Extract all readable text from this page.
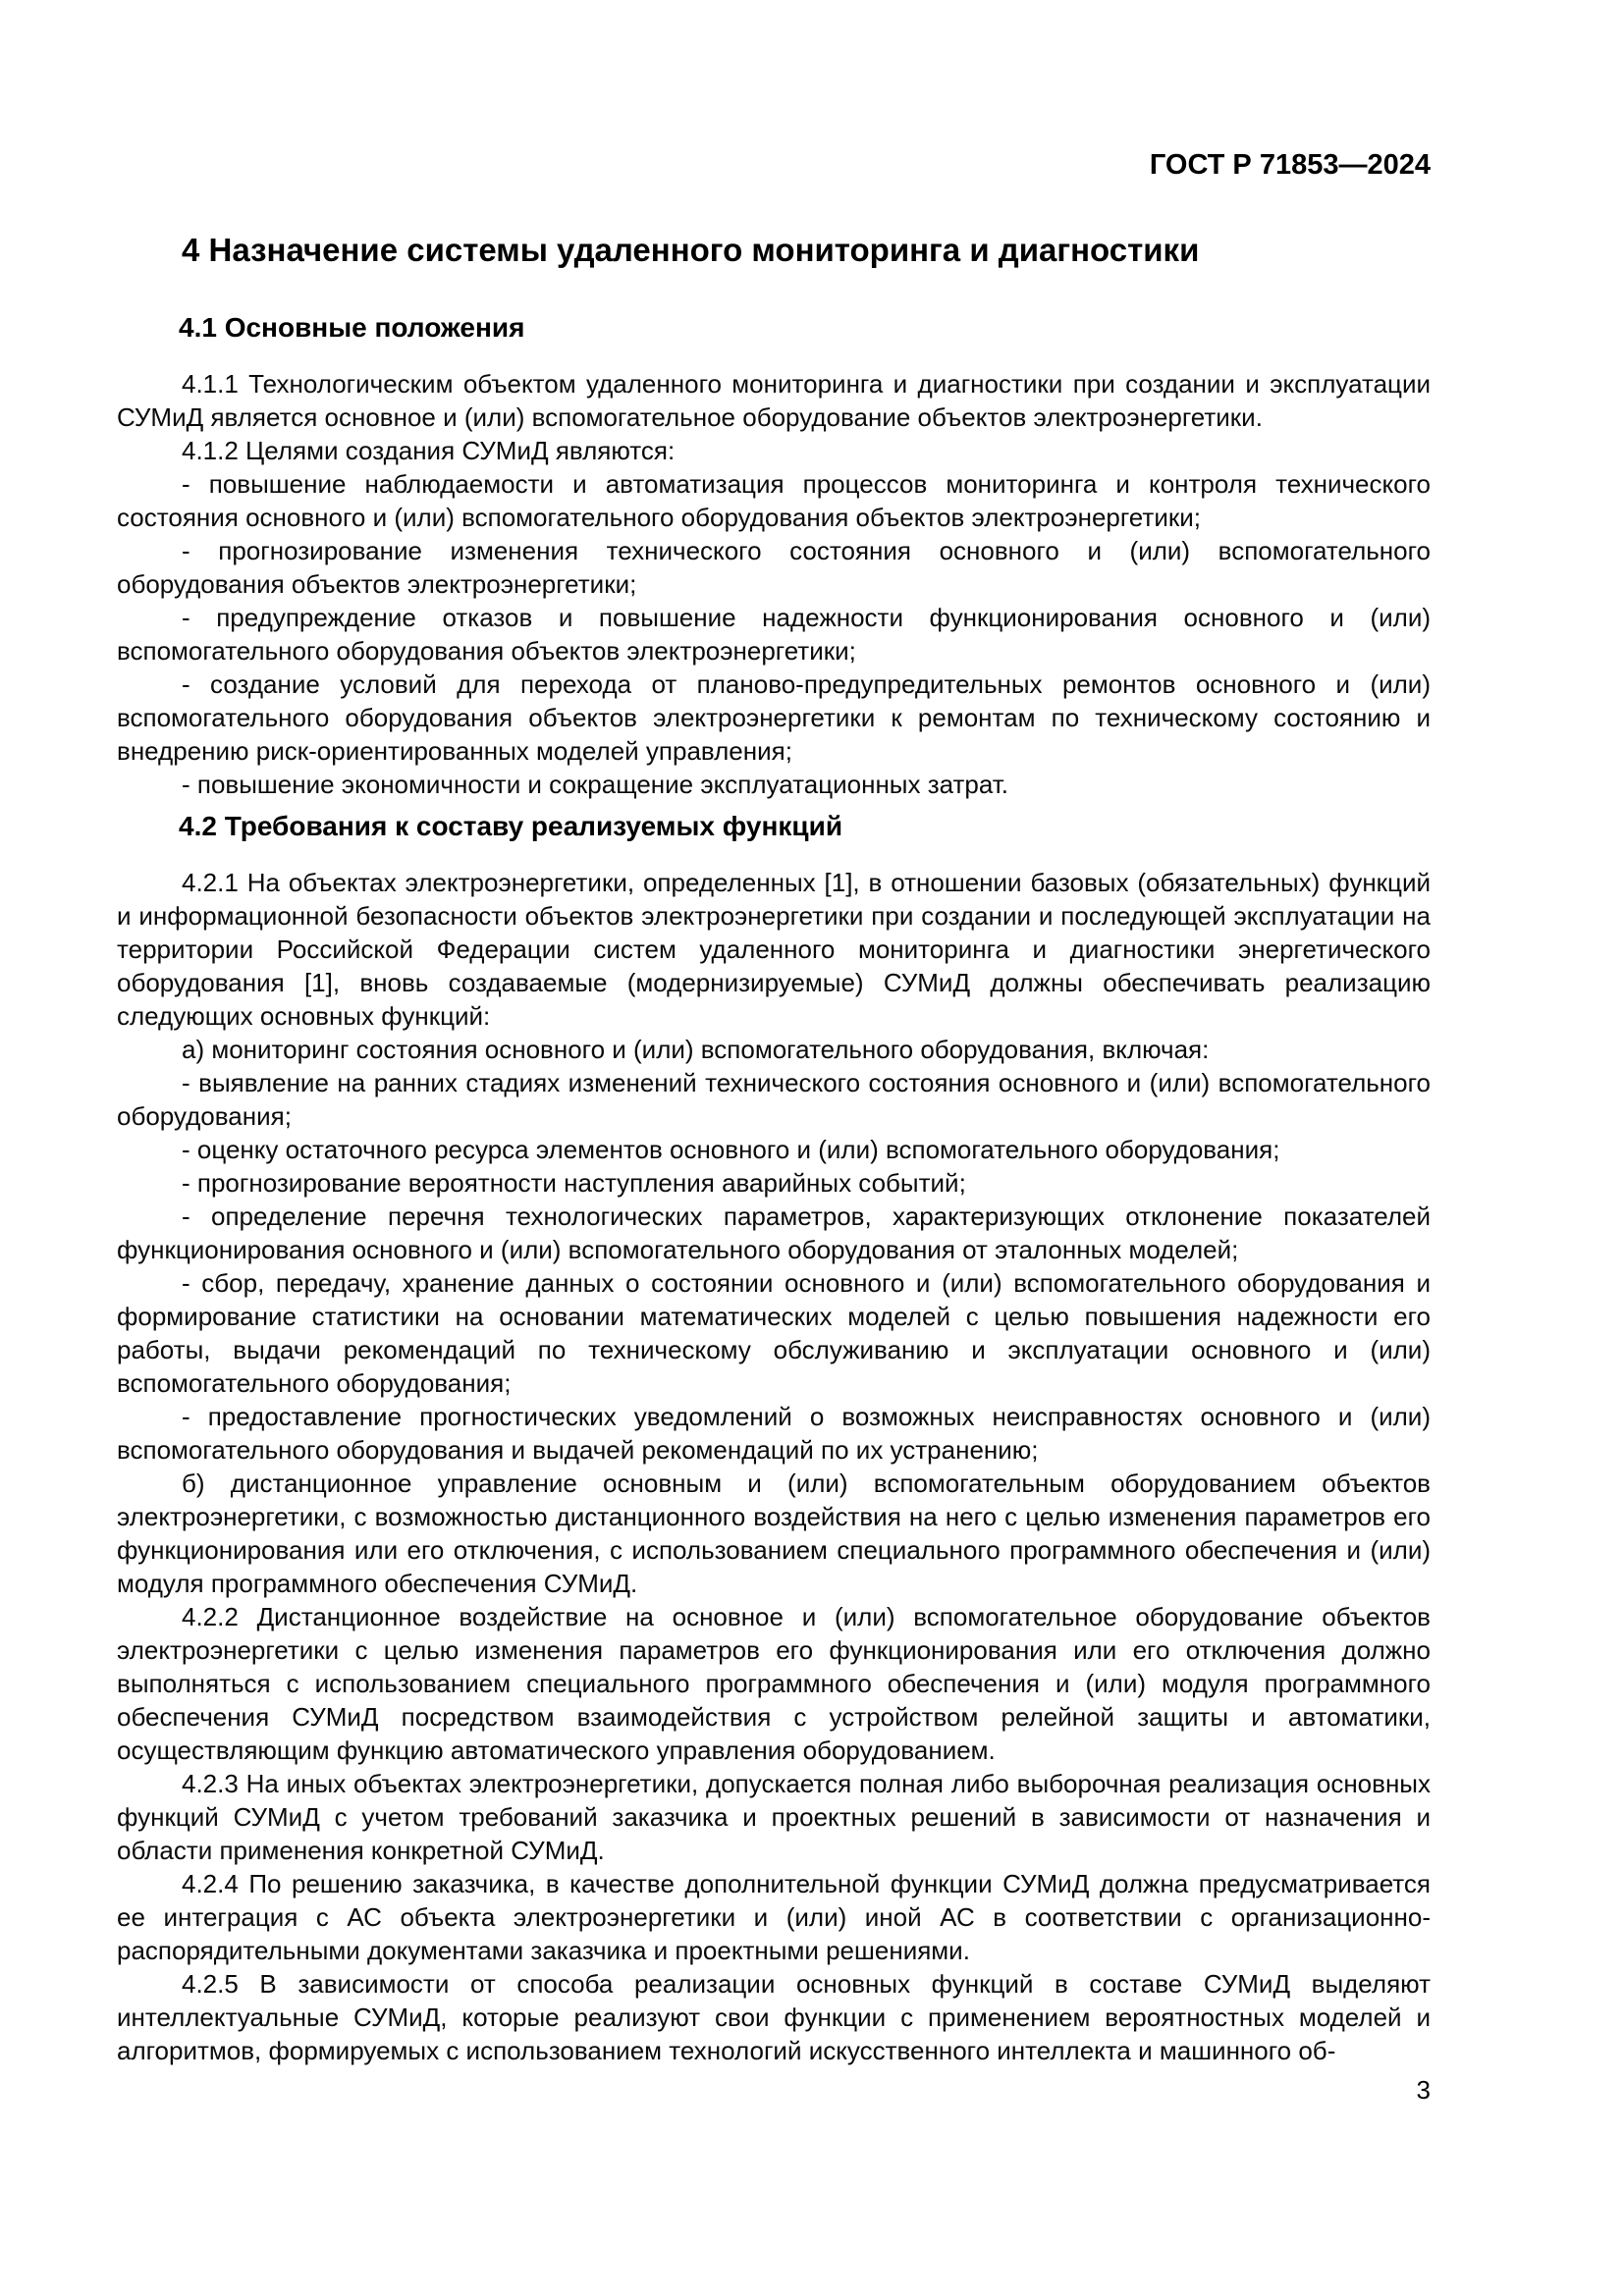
ГОСТ Р 71853—2024
4 Назначение системы удаленного мониторинга и диагностики
4.1 Основные положения

4.1.1 Технологическим объектом удаленного мониторинга и диагностики при создании и эксплуатации СУМиД является основное и (или) вспомогательное оборудование объектов электроэнергетики.

4.1.2 Целями создания СУМиД являются:

- повышение наблюдаемости и автоматизация процессов мониторинга и контроля технического состояния основного и (или) вспомогательного оборудования объектов электроэнергетики;

- прогнозирование изменения технического состояния основного и (или) вспомогательного оборудования объектов электроэнергетики;

- предупреждение отказов и повышение надежности функционирования основного и (или) вспомогательного оборудования объектов электроэнергетики;

- создание условий для перехода от планово-предупредительных ремонтов основного и (или) вспомогательного оборудования объектов электроэнергетики к ремонтам по техническому состоянию и внедрению риск-ориентированных моделей управления;

- повышение экономичности и сокращение эксплуатационных затрат.

4.2 Требования к составу реализуемых функций

4.2.1 На объектах электроэнергетики, определенных [1], в отношении базовых (обязательных) функций и информационной безопасности объектов электроэнергетики при создании и последующей эксплуатации на территории Российской Федерации систем удаленного мониторинга и диагностики энергетического оборудования [1], вновь создаваемые (модернизируемые) СУМиД должны обеспечивать реализацию следующих основных функций:

а) мониторинг состояния основного и (или) вспомогательного оборудования, включая:

- выявление на ранних стадиях изменений технического состояния основного и (или) вспомогательного оборудования;

- оценку остаточного ресурса элементов основного и (или) вспомогательного оборудования;

- прогнозирование вероятности наступления аварийных событий;

- определение перечня технологических параметров, характеризующих отклонение показателей функционирования основного и (или) вспомогательного оборудования от эталонных моделей;

- сбор, передачу, хранение данных о состоянии основного и (или) вспомогательного оборудования и формирование статистики на основании математических моделей с целью повышения надежности его работы, выдачи рекомендаций по техническому обслуживанию и эксплуатации основного и (или) вспомогательного оборудования;

- предоставление прогностических уведомлений о возможных неисправностях основного и (или) вспомогательного оборудования и выдачей рекомендаций по их устранению;

б) дистанционное управление основным и (или) вспомогательным оборудованием объектов электроэнергетики, с возможностью дистанционного воздействия на него с целью изменения параметров его функционирования или его отключения, с использованием специального программного обеспечения и (или) модуля программного обеспечения СУМиД.

4.2.2 Дистанционное воздействие на основное и (или) вспомогательное оборудование объектов электроэнергетики с целью изменения параметров его функционирования или его отключения должно выполняться с использованием специального программного обеспечения и (или) модуля программного обеспечения СУМиД посредством взаимодействия с устройством релейной защиты и автоматики, осуществляющим функцию автоматического управления оборудованием.

4.2.3 На иных объектах электроэнергетики, допускается полная либо выборочная реализация основных функций СУМиД с учетом требований заказчика и проектных решений в зависимости от назначения и области применения конкретной СУМиД.

4.2.4 По решению заказчика, в качестве дополнительной функции СУМиД должна предусматривается ее интеграция с АС объекта электроэнергетики и (или) иной АС в соответствии с организационно-распорядительными документами заказчика и проектными решениями.

4.2.5 В зависимости от способа реализации основных функций в составе СУМиД выделяют интеллектуальные СУМиД, которые реализуют свои функции с применением вероятностных моделей и алгоритмов, формируемых с использованием технологий искусственного интеллекта и машинного об-

3
